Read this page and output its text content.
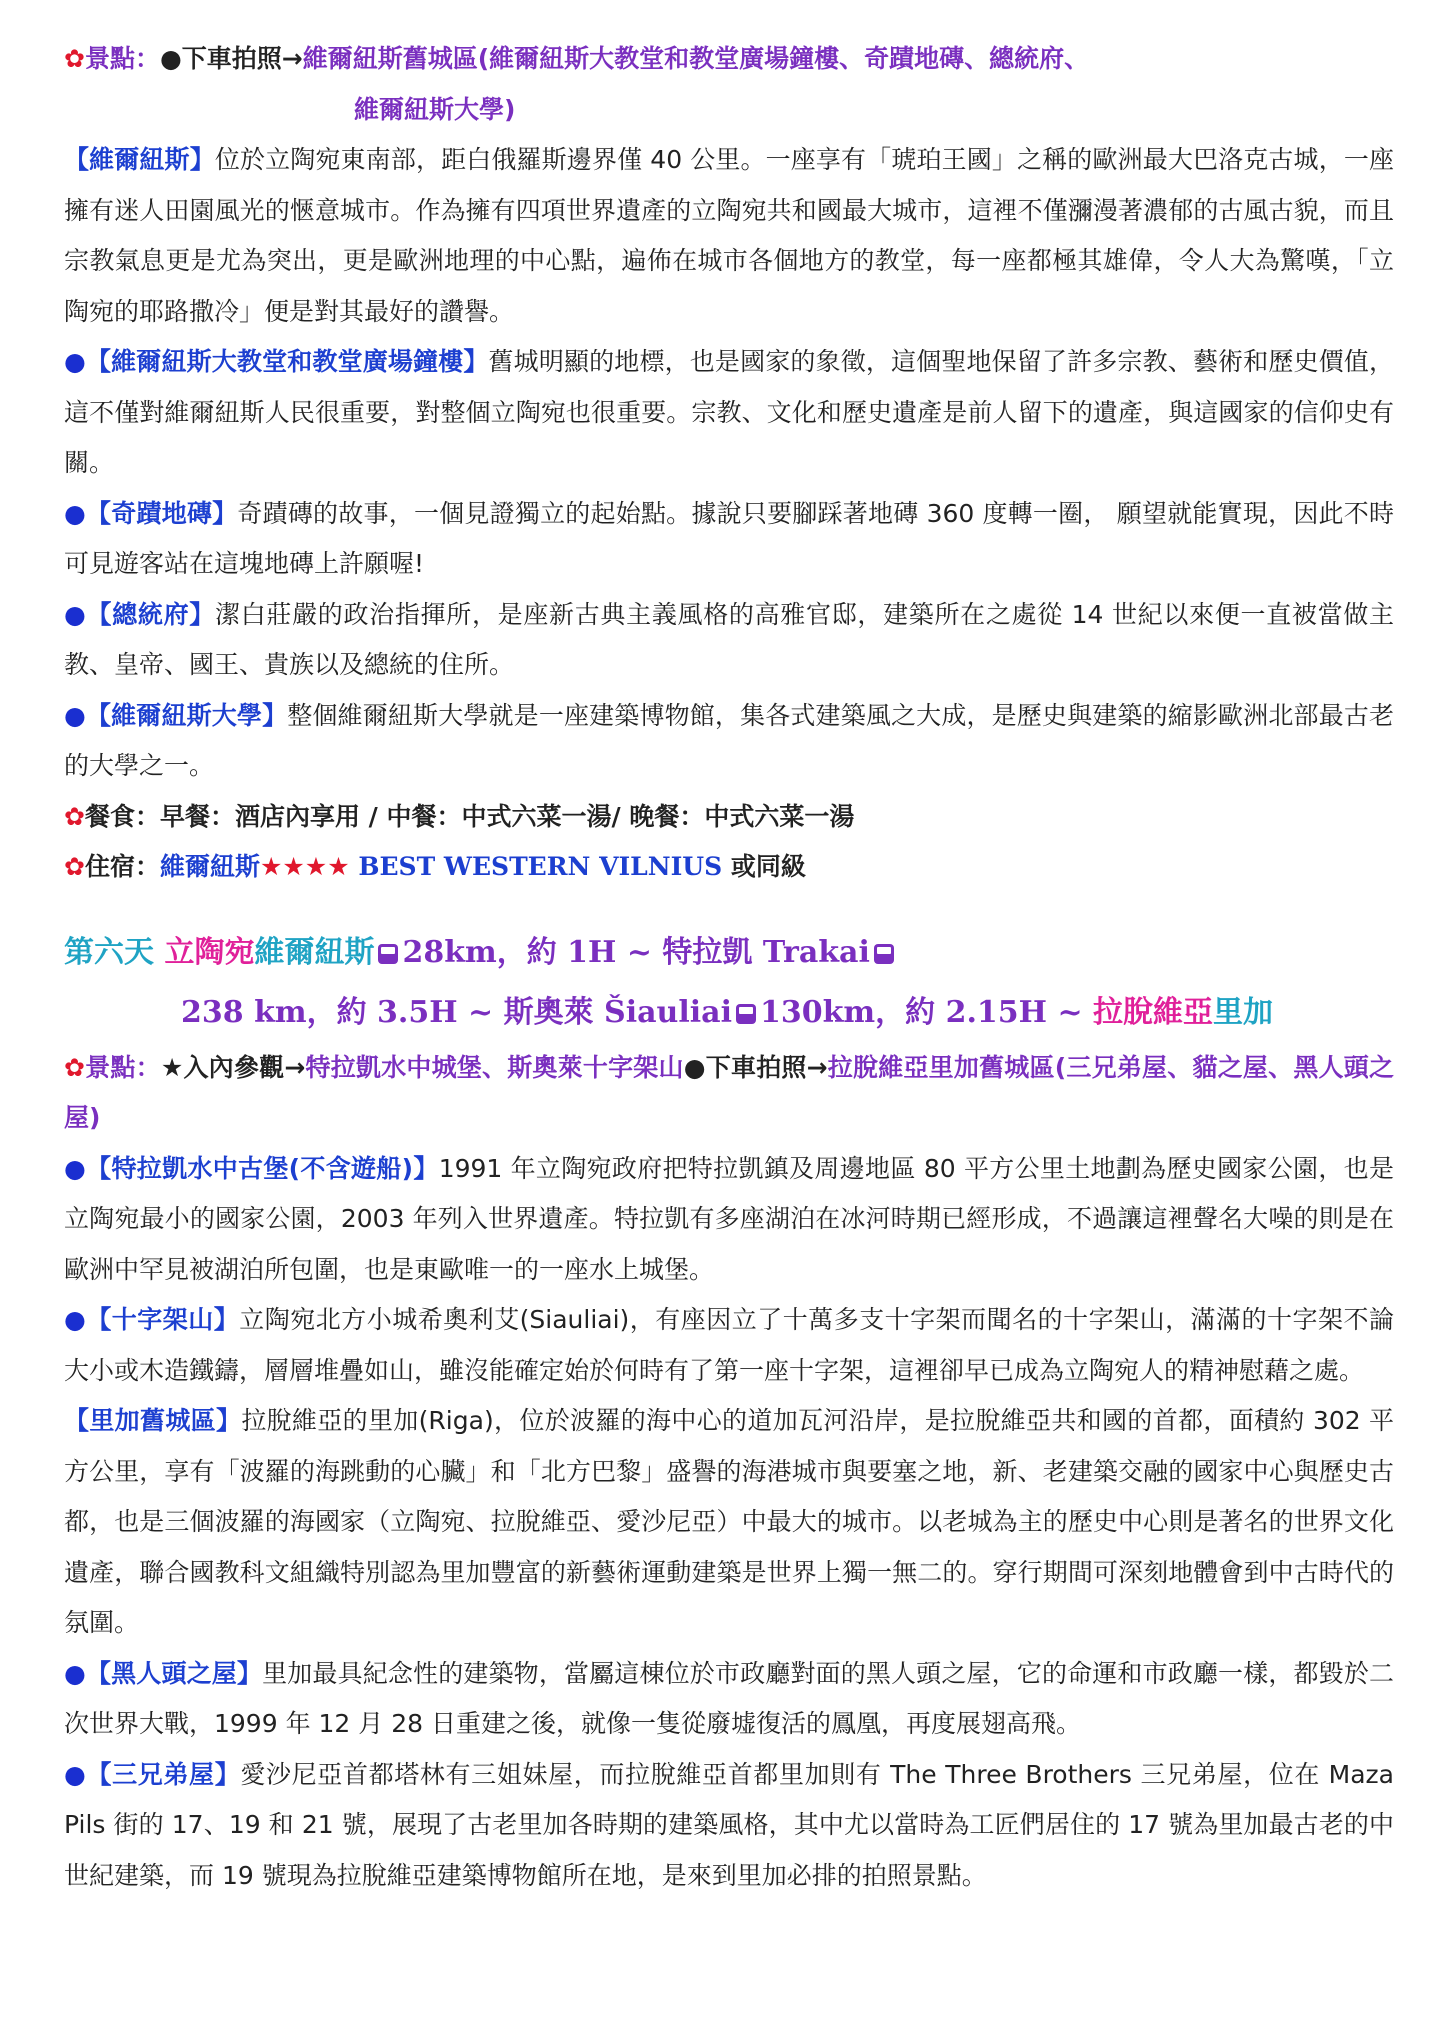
✿景點：●下車拍照→維爾紐斯舊城區(維爾紐斯大教堂和教堂廣場鐘樓、奇蹟地磚、總統府、

維爾紐斯大學)

【維爾紐斯】位於立陶宛東南部，距白俄羅斯邊界僅 40 公里。一座享有「琥珀王國」之稱的歐洲最大巴洛克古城，一座擁有迷人田園風光的愜意城市。作為擁有四項世界遺產的立陶宛共和國最大城市，這裡不僅瀰漫著濃郁的古風古貌，而且宗教氣息更是尤為突出，更是歐洲地理的中心點，遍佈在城市各個地方的教堂，每一座都極其雄偉，令人大為驚嘆，「立陶宛的耶路撒冷」便是對其最好的讚譽。

●【維爾紐斯大教堂和教堂廣場鐘樓】舊城明顯的地標，也是國家的象徵，這個聖地保留了許多宗教、藝術和歷史價值，這不僅對維爾紐斯人民很重要，對整個立陶宛也很重要。宗教、文化和歷史遺產是前人留下的遺產，與這國家的信仰史有關。

●【奇蹟地磚】奇蹟磚的故事，一個見證獨立的起始點。據說只要腳踩著地磚 360 度轉一圈， 願望就能實現，因此不時可見遊客站在這塊地磚上許願喔!

●【總統府】潔白莊嚴的政治指揮所，是座新古典主義風格的高雅官邸，建築所在之處從 14 世紀以來便一直被當做主教、皇帝、國王、貴族以及總統的住所。

●【維爾紐斯大學】整個維爾紐斯大學就是一座建築博物館，集各式建築風之大成，是歷史與建築的縮影歐洲北部最古老的大學之一。

✿餐食：早餐：酒店內享用 / 中餐：中式六菜一湯/ 晚餐：中式六菜一湯

✿住宿：維爾紐斯★★★★ BEST WESTERN VILNIUS 或同級

第六天 立陶宛維爾紐斯 28km，約 1H ~ 特拉凱 Trakai
238 km，約 3.5H ~ 斯奧萊 Šiauliai 130km，約 2.15H ~ 拉脫維亞里加

✿景點：★入內參觀→特拉凱水中城堡、斯奧萊十字架山●下車拍照→拉脫維亞里加舊城區(三兄弟屋、貓之屋、黑人頭之屋)

●【特拉凱水中古堡(不含遊船)】1991 年立陶宛政府把特拉凱鎮及周邊地區 80 平方公里土地劃為歷史國家公園，也是立陶宛最小的國家公園，2003 年列入世界遺產。特拉凱有多座湖泊在冰河時期已經形成，不過讓這裡聲名大噪的則是在歐洲中罕見被湖泊所包圍，也是東歐唯一的一座水上城堡。

●【十字架山】立陶宛北方小城希奧利艾(Siauliai)，有座因立了十萬多支十字架而聞名的十字架山，滿滿的十字架不論大小或木造鐵鑄，層層堆疊如山，雖沒能確定始於何時有了第一座十字架，這裡卻早已成為立陶宛人的精神慰藉之處。

【里加舊城區】拉脫維亞的里加(Riga)，位於波羅的海中心的道加瓦河沿岸，是拉脫維亞共和國的首都，面積約 302 平方公里，享有「波羅的海跳動的心臟」和「北方巴黎」盛譽的海港城市與要塞之地，新、老建築交融的國家中心與歷史古都，也是三個波羅的海國家（立陶宛、拉脫維亞、愛沙尼亞）中最大的城市。以老城為主的歷史中心則是著名的世界文化遺產，聯合國教科文組織特別認為里加豐富的新藝術運動建築是世界上獨一無二的。穿行期間可深刻地體會到中古時代的氛圍。

●【黑人頭之屋】里加最具紀念性的建築物，當屬這棟位於市政廳對面的黑人頭之屋，它的命運和市政廳一樣，都毀於二次世界大戰，1999 年 12 月 28 日重建之後，就像一隻從廢墟復活的鳳凰，再度展翅高飛。

●【三兄弟屋】愛沙尼亞首都塔林有三姐妹屋，而拉脫維亞首都里加則有 The Three Brothers 三兄弟屋，位在 Maza Pils 街的 17、19 和 21 號，展現了古老里加各時期的建築風格，其中尤以當時為工匠們居住的 17 號為里加最古老的中世紀建築，而 19 號現為拉脫維亞建築博物館所在地，是來到里加必排的拍照景點。
